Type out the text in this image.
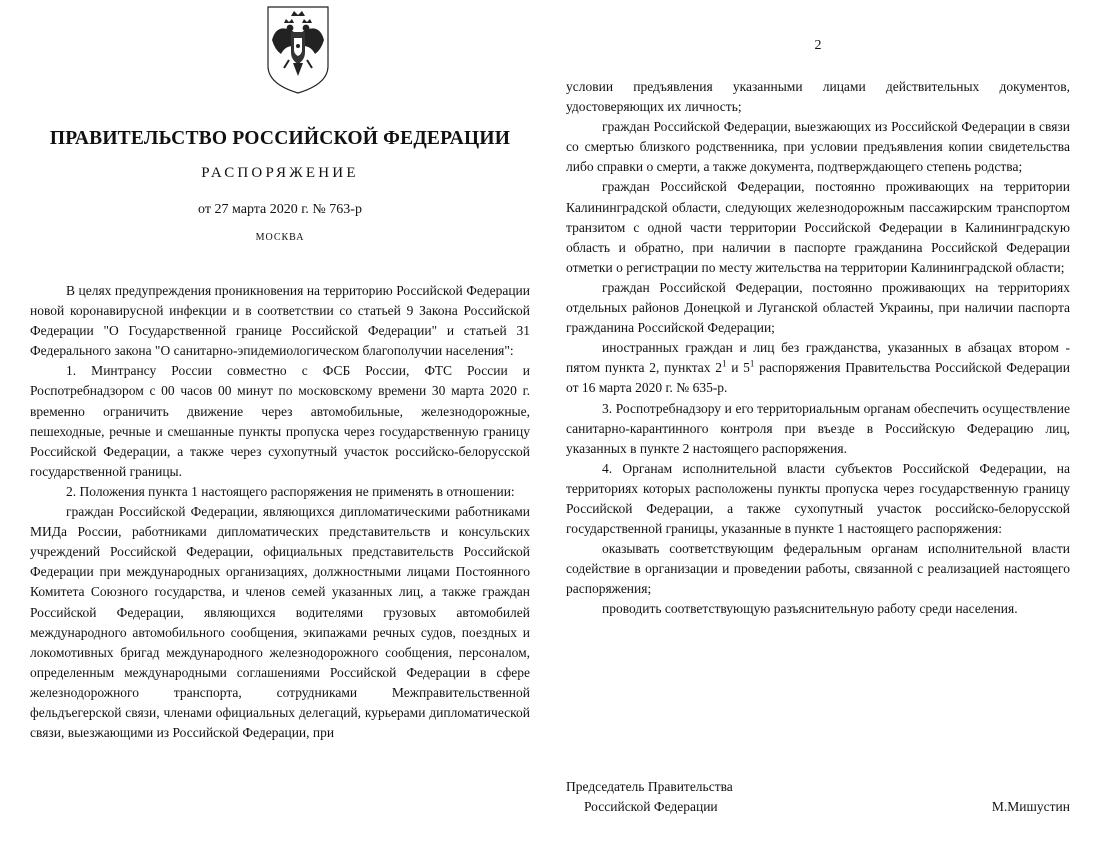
ПРАВИТЕЛЬСТВО РОССИЙСКОЙ ФЕДЕРАЦИИ
РАСПОРЯЖЕНИЕ
от 27 марта 2020 г. № 763-р
МОСКВА

В целях предупреждения проникновения на территорию Российской Федерации новой коронавирусной инфекции и в соответствии со статьей 9 Закона Российской Федерации "О Государственной границе Российской Федерации" и статьей 31 Федерального закона "О санитарно-эпидемиологическом благополучии населения":

1. Минтрансу России совместно с ФСБ России, ФТС России и Роспотребнадзором с 00 часов 00 минут по московскому времени 30 марта 2020 г. временно ограничить движение через автомобильные, железнодорожные, пешеходные, речные и смешанные пункты пропуска через государственную границу Российской Федерации, а также через сухопутный участок российско-белорусской государственной границы.

2. Положения пункта 1 настоящего распоряжения не применять в отношении:

граждан Российской Федерации, являющихся дипломатическими работниками МИДа России, работниками дипломатических представительств и консульских учреждений Российской Федерации, официальных представительств Российской Федерации при международных организациях, должностными лицами Постоянного Комитета Союзного государства, и членов семей указанных лиц, а также граждан Российской Федерации, являющихся водителями грузовых автомобилей международного автомобильного сообщения, экипажами речных судов, поездных и локомотивных бригад международного железнодорожного сообщения, персоналом, определенным международными соглашениями Российской Федерации в сфере железнодорожного транспорта, сотрудниками Межправительственной фельдъегерской связи, членами официальных делегаций, курьерами дипломатической связи, выезжающими из Российской Федерации, при

2

условии предъявления указанными лицами действительных документов, удостоверяющих их личность;

граждан Российской Федерации, выезжающих из Российской Федерации в связи со смертью близкого родственника, при условии предъявления копии свидетельства либо справки о смерти, а также документа, подтверждающего степень родства;

граждан Российской Федерации, постоянно проживающих на территории Калининградской области, следующих железнодорожным пассажирским транспортом транзитом с одной части территории Российской Федерации в Калининградскую область и обратно, при наличии в паспорте гражданина Российской Федерации отметки о регистрации по месту жительства на территории Калининградской области;

граждан Российской Федерации, постоянно проживающих на территориях отдельных районов Донецкой и Луганской областей Украины, при наличии паспорта гражданина Российской Федерации;

иностранных граждан и лиц без гражданства, указанных в абзацах втором - пятом пункта 2, пунктах $2^1$ и $5^1$ распоряжения Правительства Российской Федерации от 16 марта 2020 г. № 635-р.

3. Роспотребнадзору и его территориальным органам обеспечить осуществление санитарно-карантинного контроля при въезде в Российскую Федерацию лиц, указанных в пункте 2 настоящего распоряжения.

4. Органам исполнительной власти субъектов Российской Федерации, на территориях которых расположены пункты пропуска через государственную границу Российской Федерации, а также сухопутный участок российско-белорусской государственной границы, указанные в пункте 1 настоящего распоряжения:

оказывать соответствующим федеральным органам исполнительной власти содействие в организации и проведении работы, связанной с реализацией настоящего распоряжения;

проводить соответствующую разъяснительную работу среди населения.

Председатель Правительства
Российской Федерации	М.Мишустин
